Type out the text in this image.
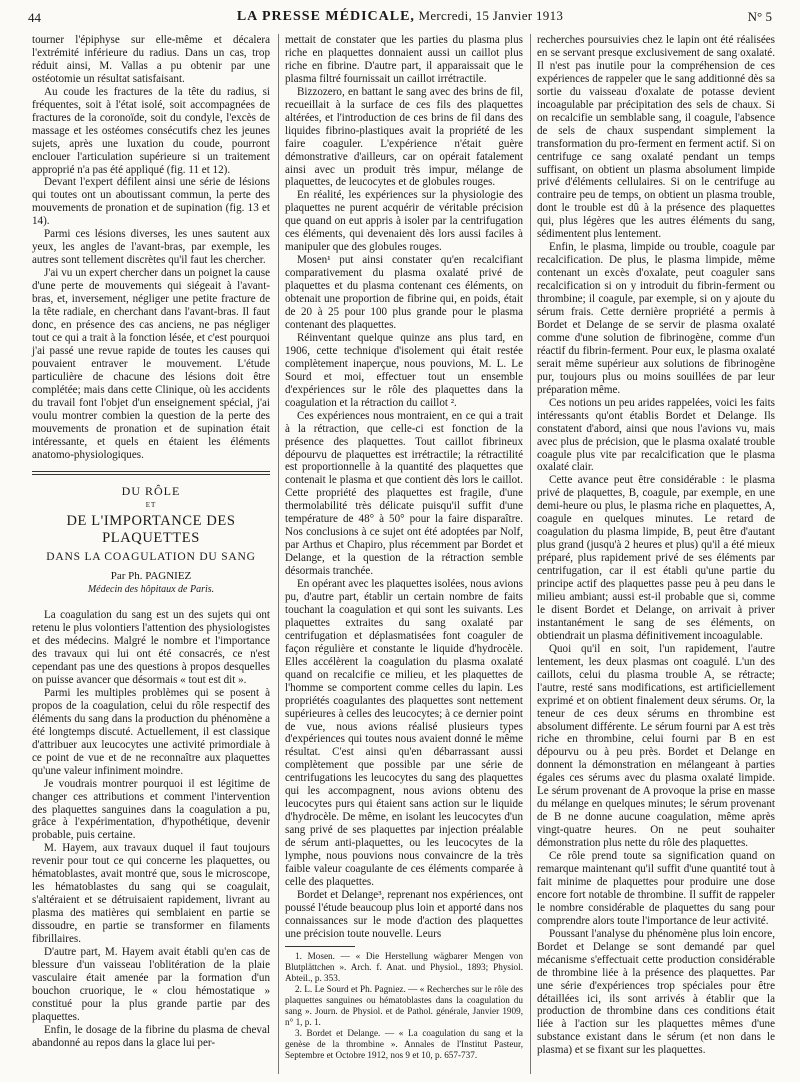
44	LA PRESSE MÉDICALE, Mercredi, 15 Janvier 1913	N° 5

tourner l'épiphyse sur elle-même et décalera l'extrémité inférieure du radius. Dans un cas, trop réduit ainsi, M. Vallas a pu obtenir par une ostéotomie un résultat satisfaisant.

Au coude les fractures de la tête du radius, si fréquentes, soit à l'état isolé, soit accompagnées de fractures de la coronoïde, soit du condyle, l'excès de massage et les ostéomes consécutifs chez les jeunes sujets, après une luxation du coude, pourront enclouer l'articulation supérieure si un traitement approprié n'a pas été appliqué (fig. 11 et 12).

Devant l'expert défilent ainsi une série de lésions qui toutes ont un aboutissant commun, la perte des mouvements de pronation et de supination (fig. 13 et 14).

Parmi ces lésions diverses, les unes sautent aux yeux, les angles de l'avant-bras, par exemple, les autres sont tellement discrètes qu'il faut les chercher.

J'ai vu un expert chercher dans un poignet la cause d'une perte de mouvements qui siégeait à l'avant-bras, et, inversement, négliger une petite fracture de la tête radiale, en cherchant dans l'avant-bras. Il faut donc, en présence des cas anciens, ne pas négliger tout ce qui a trait à la fonction lésée, et c'est pourquoi j'ai passé une revue rapide de toutes les causes qui pouvaient entraver le mouvement. L'étude particulière de chacune des lésions doit être complétée; mais dans cette Clinique, où les accidents du travail font l'objet d'un enseignement spécial, j'ai voulu montrer combien la question de la perte des mouvements de pronation et de supination était intéressante, et quels en étaient les éléments anatomo-physiologiques.

DU RÔLE
ET
DE L'IMPORTANCE DES PLAQUETTES
DANS LA COAGULATION DU SANG
Par Ph. PAGNIEZ
Médecin des hôpitaux de Paris.

La coagulation du sang est un des sujets qui ont retenu le plus volontiers l'attention des physiologistes et des médecins. Malgré le nombre et l'importance des travaux qui lui ont été consacrés, ce n'est cependant pas une des questions à propos desquelles on puisse avancer que désormais « tout est dit ».

Parmi les multiples problèmes qui se posent à propos de la coagulation, celui du rôle respectif des éléments du sang dans la production du phénomène a été longtemps discuté. Actuellement, il est classique d'attribuer aux leucocytes une activité primordiale à ce point de vue et de ne reconnaître aux plaquettes qu'une valeur infiniment moindre.

Je voudrais montrer pourquoi il est légitime de changer ces attributions et comment l'intervention des plaquettes sanguines dans la coagulation a pu, grâce à l'expérimentation, d'hypothétique, devenir probable, puis certaine.

M. Hayem, aux travaux duquel il faut toujours revenir pour tout ce qui concerne les plaquettes, ou hématoblastes, avait montré que, sous le microscope, les hématoblastes du sang qui se coagulait, s'altéraient et se détruisaient rapidement, livrant au plasma des matières qui semblaient en partie se dissoudre, en partie se transformer en filaments fibrillaires.

D'autre part, M. Hayem avait établi qu'en cas de blessure d'un vaisseau l'oblitération de la plaie vasculaire était amenée par la formation d'un bouchon cruorique, le « clou hémostatique » constitué pour la plus grande partie par des plaquettes.

Enfin, le dosage de la fibrine du plasma de cheval abandonné au repos dans la glace lui per-

mettait de constater que les parties du plasma plus riche en plaquettes donnaient aussi un caillot plus riche en fibrine. D'autre part, il apparaissait que le plasma filtré fournissait un caillot irrétractile.

Bizzozero, en battant le sang avec des brins de fil, recueillait à la surface de ces fils des plaquettes altérées, et l'introduction de ces brins de fil dans des liquides fibrino-plastiques avait la propriété de les faire coaguler. L'expérience n'était guère démonstrative d'ailleurs, car on opérait fatalement ainsi avec un produit très impur, mélange de plaquettes, de leucocytes et de globules rouges.

En réalité, les expériences sur la physiologie des plaquettes ne purent acquérir de véritable précision que quand on eut appris à isoler par la centrifugation ces éléments, qui devenaient dès lors aussi faciles à manipuler que des globules rouges.

Mosen¹ put ainsi constater qu'en recalcifiant comparativement du plasma oxalaté privé de plaquettes et du plasma contenant ces éléments, on obtenait une proportion de fibrine qui, en poids, était de 20 à 25 pour 100 plus grande pour le plasma contenant des plaquettes.

Réinventant quelque quinze ans plus tard, en 1906, cette technique d'isolement qui était restée complètement inaperçue, nous pouvions, M. L. Le Sourd et moi, effectuer tout un ensemble d'expériences sur le rôle des plaquettes dans la coagulation et la rétraction du caillot ².

Ces expériences nous montraient, en ce qui a trait à la rétraction, que celle-ci est fonction de la présence des plaquettes. Tout caillot fibrineux dépourvu de plaquettes est irrétractile; la rétractilité est proportionnelle à la quantité des plaquettes que contenait le plasma et que contient dès lors le caillot. Cette propriété des plaquettes est fragile, d'une thermolabilité très délicate puisqu'il suffit d'une température de 48° à 50° pour la faire disparaître. Nos conclusions à ce sujet ont été adoptées par Nolf, par Arthus et Chapiro, plus récemment par Bordet et Delange, et la question de la rétraction semble désormais tranchée.

En opérant avec les plaquettes isolées, nous avions pu, d'autre part, établir un certain nombre de faits touchant la coagulation et qui sont les suivants. Les plaquettes extraites du sang oxalaté par centrifugation et déplasmatisées font coaguler de façon régulière et constante le liquide d'hydrocèle. Elles accélèrent la coagulation du plasma oxalaté quand on recalcifie ce milieu, et les plaquettes de l'homme se comportent comme celles du lapin. Les propriétés coagulantes des plaquettes sont nettement supérieures à celles des leucocytes; à ce dernier point de vue, nous avions réalisé plusieurs types d'expériences qui toutes nous avaient donné le même résultat. C'est ainsi qu'en débarrassant aussi complètement que possible par une série de centrifugations les leucocytes du sang des plaquettes qui les accompagnent, nous avions obtenu des leucocytes purs qui étaient sans action sur le liquide d'hydrocèle. De même, en isolant les leucocytes d'un sang privé de ses plaquettes par injection préalable de sérum anti-plaquettes, ou les leucocytes de la lymphe, nous pouvions nous convaincre de la très faible valeur coagulante de ces éléments comparée à celle des plaquettes.

Bordet et Delange³, reprenant nos expériences, ont poussé l'étude beaucoup plus loin et apporté dans nos connaissances sur le mode d'action des plaquettes une précision toute nouvelle. Leurs

1. Mosen. — « Die Herstellung wägbarer Mengen von Blutplättchen ». Arch. f. Anat. und Physiol., 1893; Physiol. Abteil., p. 353.

2. L. Le Sourd et Ph. Pagniez. — « Recherches sur le rôle des plaquettes sanguines ou hématoblastes dans la coagulation du sang ». Journ. de Physiol. et de Pathol. générale, Janvier 1909, n° 1, p. 1.

3. Bordet et Delange. — « La coagulation du sang et la genèse de la thrombine ». Annales de l'Institut Pasteur, Septembre et Octobre 1912, nos 9 et 10, p. 657-737.

recherches poursuivies chez le lapin ont été réalisées en se servant presque exclusivement de sang oxalaté. Il n'est pas inutile pour la compréhension de ces expériences de rappeler que le sang additionné dès sa sortie du vaisseau d'oxalate de potasse devient incoagulable par précipitation des sels de chaux. Si on recalcifie un semblable sang, il coagule, l'absence de sels de chaux suspendant simplement la transformation du pro-ferment en ferment actif. Si on centrifuge ce sang oxalaté pendant un temps suffisant, on obtient un plasma absolument limpide privé d'éléments cellulaires. Si on le centrifuge au contraire peu de temps, on obtient un plasma trouble, dont le trouble est dû à la présence des plaquettes qui, plus légères que les autres éléments du sang, sédimentent plus lentement.

Enfin, le plasma, limpide ou trouble, coagule par recalcification. De plus, le plasma limpide, même contenant un excès d'oxalate, peut coaguler sans recalcification si on y introduit du fibrin-ferment ou thrombine; il coagule, par exemple, si on y ajoute du sérum frais. Cette dernière propriété a permis à Bordet et Delange de se servir de plasma oxalaté comme d'une solution de fibrinogène, comme d'un réactif du fibrin-ferment. Pour eux, le plasma oxalaté serait même supérieur aux solutions de fibrinogène pur, toujours plus ou moins souillées de par leur préparation même.

Ces notions un peu arides rappelées, voici les faits intéressants qu'ont établis Bordet et Delange. Ils constatent d'abord, ainsi que nous l'avions vu, mais avec plus de précision, que le plasma oxalaté trouble coagule plus vite par recalcification que le plasma oxalaté clair.

Cette avance peut être considérable : le plasma privé de plaquettes, B, coagule, par exemple, en une demi-heure ou plus, le plasma riche en plaquettes, A, coagule en quelques minutes. Le retard de coagulation du plasma limpide, B, peut être d'autant plus grand (jusqu'à 2 heures et plus) qu'il a été mieux préparé, plus rapidement privé de ses éléments par centrifugation, car il est établi qu'une partie du principe actif des plaquettes passe peu à peu dans le milieu ambiant; aussi est-il probable que si, comme le disent Bordet et Delange, on arrivait à priver instantanément le sang de ses éléments, on obtiendrait un plasma définitivement incoagulable.

Quoi qu'il en soit, l'un rapidement, l'autre lentement, les deux plasmas ont coagulé. L'un des caillots, celui du plasma trouble A, se rétracte; l'autre, resté sans modifications, est artificiellement exprimé et on obtient finalement deux sérums. Or, la teneur de ces deux sérums en thrombine est absolument différente. Le sérum fourni par A est très riche en thrombine, celui fourni par B en est dépourvu ou à peu près. Bordet et Delange en donnent la démonstration en mélangeant à parties égales ces sérums avec du plasma oxalaté limpide. Le sérum provenant de A provoque la prise en masse du mélange en quelques minutes; le sérum provenant de B ne donne aucune coagulation, même après vingt-quatre heures. On ne peut souhaiter démonstration plus nette du rôle des plaquettes.

Ce rôle prend toute sa signification quand on remarque maintenant qu'il suffit d'une quantité tout à fait minime de plaquettes pour produire une dose encore fort notable de thrombine. Il suffit de rappeler le nombre considérable de plaquettes du sang pour comprendre alors toute l'importance de leur activité.

Poussant l'analyse du phénomène plus loin encore, Bordet et Delange se sont demandé par quel mécanisme s'effectuait cette production considérable de thrombine liée à la présence des plaquettes. Par une série d'expériences trop spéciales pour être détaillées ici, ils sont arrivés à établir que la production de thrombine dans ces conditions était liée à l'action sur les plaquettes mêmes d'une substance existant dans le sérum (et non dans le plasma) et se fixant sur les plaquettes.
